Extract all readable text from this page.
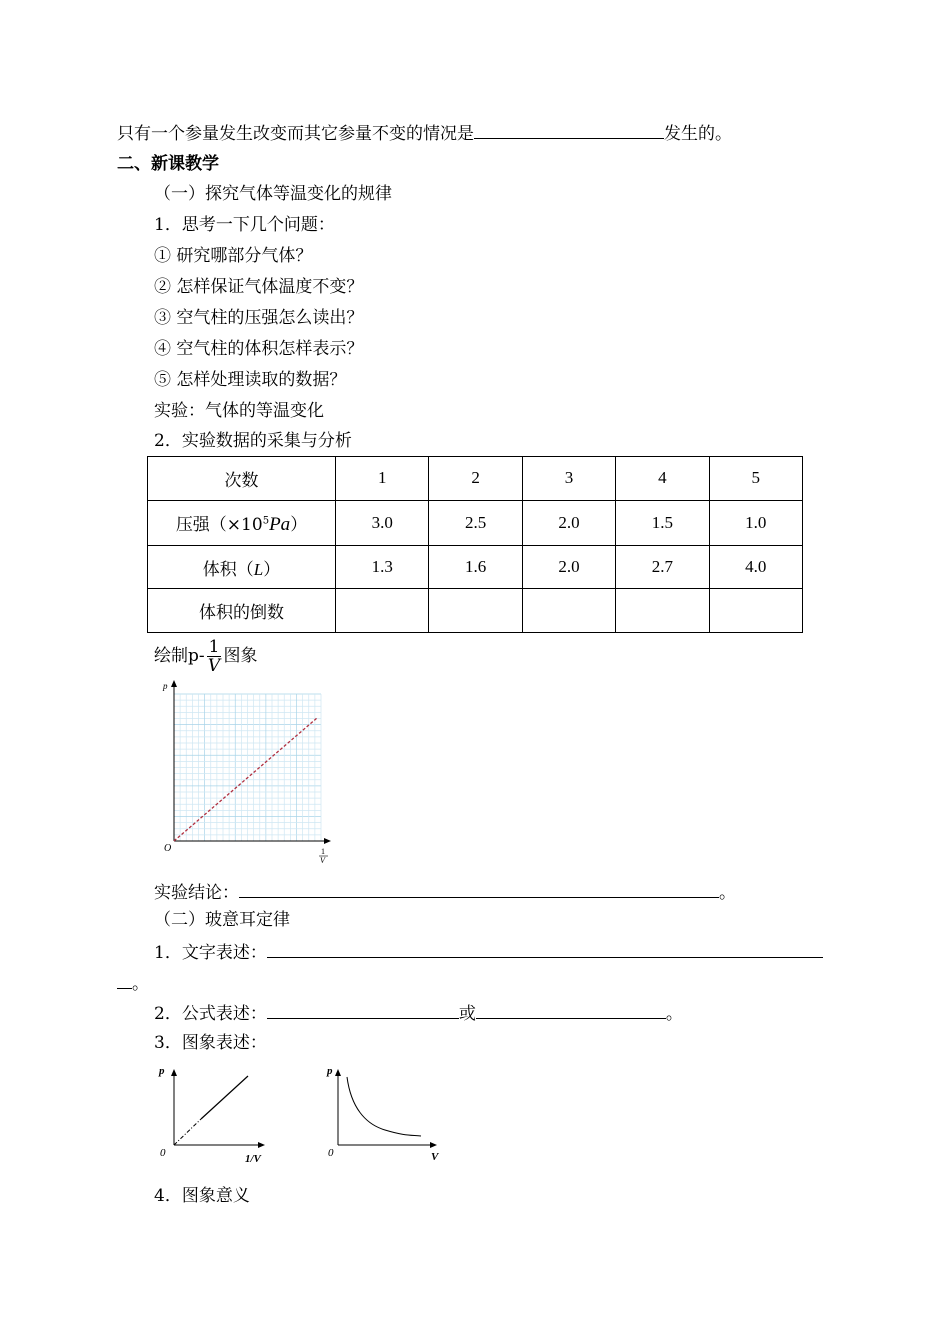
只有一个参量发生改变而其它参量不变的情况是	发生的。
二、新课教学
（一）探究气体等温变化的规律
1．思考一下几个问题：
① 研究哪部分气体？
② 怎样保证气体温度不变？
③ 空气柱的压强怎么读出？
④ 空气柱的体积怎样表示？
⑤ 怎样处理读取的数据？
实验：气体的等温变化
2．实验数据的采集与分析
次数	1	2	3	4	5
压强$(\times 10^5Pa)$	3.0	2.5	2.0	1.5	1.0
体积（L）	1.3	1.6	2.0	2.7	4.0
体积的倒数					
绘制$p- \frac{1}{V}$ 图象
p
O	1
V
实验结论：	。
（二）玻意耳定律
1．文字表述：
。
2．公式表述：	或	。
3．图象表述：
p
0	1/V
p
0	V
4．图象意义
